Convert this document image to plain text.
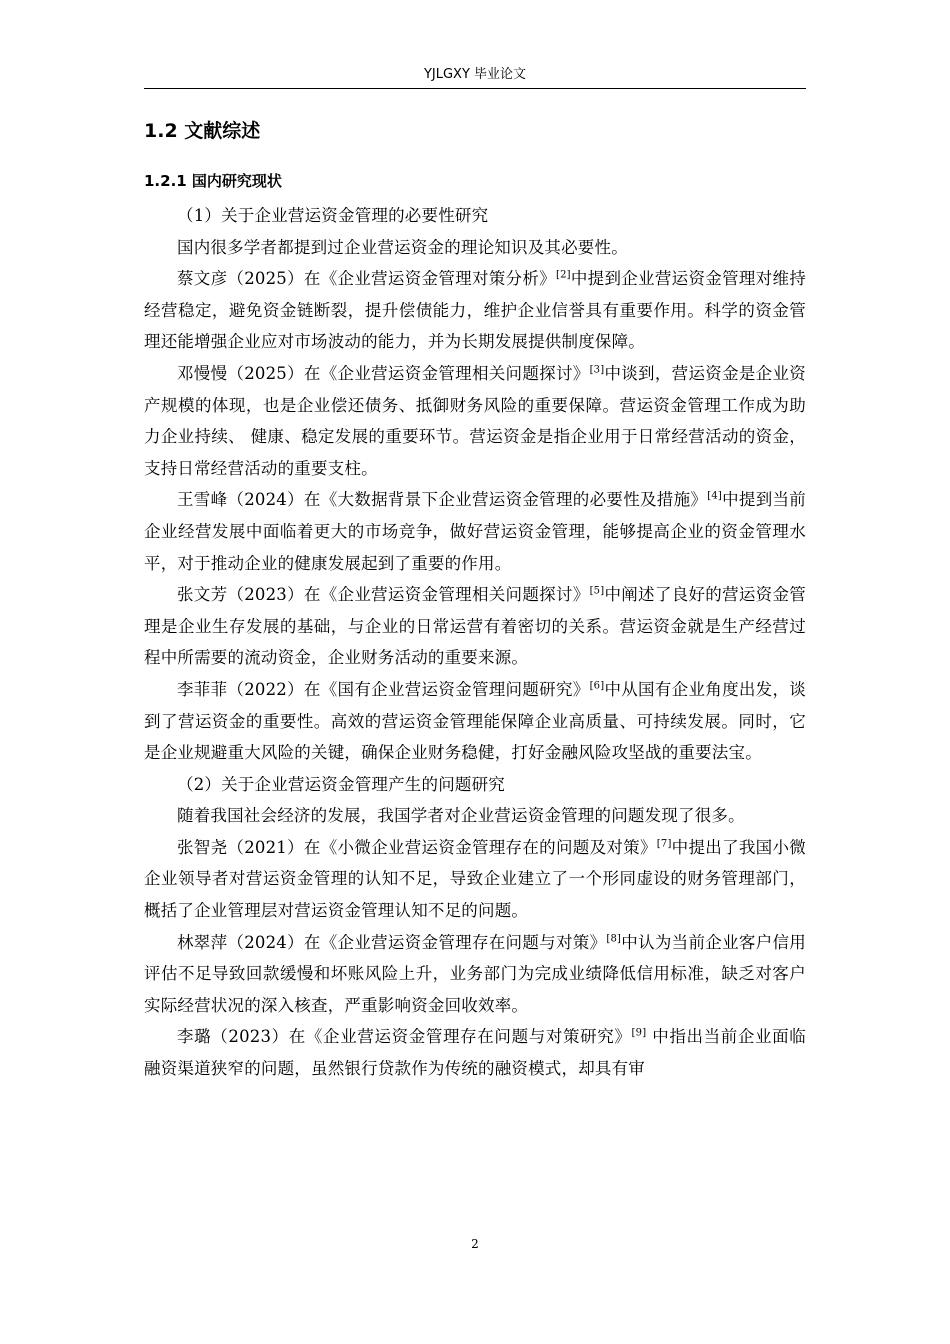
YJLGXY 毕业论文
1.2 文献综述
1.2.1 国内研究现状

（1）关于企业营运资金管理的必要性研究

国内很多学者都提到过企业营运资金的理论知识及其必要性。

蔡文彦（2025）在《企业营运资金管理对策分析》[2]中提到企业营运资金管理对维持经营稳定，避免资金链断裂，提升偿债能力，维护企业信誉具有重要作用。科学的资金管理还能增强企业应对市场波动的能力，并为长期发展提供制度保障。

邓慢慢（2025）在《企业营运资金管理相关问题探讨》[3]中谈到，营运资金是企业资产规模的体现，也是企业偿还债务、抵御财务风险的重要保障。营运资金管理工作成为助力企业持续、 健康、稳定发展的重要环节。营运资金是指企业用于日常经营活动的资金，支持日常经营活动的重要支柱。

王雪峰（2024）在《大数据背景下企业营运资金管理的必要性及措施》[4]中提到当前企业经营发展中面临着更大的市场竞争，做好营运资金管理，能够提高企业的资金管理水平，对于推动企业的健康发展起到了重要的作用。

张文芳（2023）在《企业营运资金管理相关问题探讨》[5]中阐述了良好的营运资金管理是企业生存发展的基础，与企业的日常运营有着密切的关系。营运资金就是生产经营过程中所需要的流动资金，企业财务活动的重要来源。

李菲菲（2022）在《国有企业营运资金管理问题研究》[6]中从国有企业角度出发，谈到了营运资金的重要性。高效的营运资金管理能保障企业高质量、可持续发展。同时，它是企业规避重大风险的关键，确保企业财务稳健，打好金融风险攻坚战的重要法宝。

（2）关于企业营运资金管理产生的问题研究

随着我国社会经济的发展，我国学者对企业营运资金管理的问题发现了很多。

张智尧（2021）在《小微企业营运资金管理存在的问题及对策》[7]中提出了我国小微企业领导者对营运资金管理的认知不足，导致企业建立了一个形同虚设的财务管理部门，概括了企业管理层对营运资金管理认知不足的问题。

林翠萍（2024）在《企业营运资金管理存在问题与对策》[8]中认为当前企业客户信用评估不足导致回款缓慢和坏账风险上升，业务部门为完成业绩降低信用标准，缺乏对客户实际经营状况的深入核查，严重影响资金回收效率。

李璐（2023）在《企业营运资金管理存在问题与对策研究》[9] 中指出当前企业面临融资渠道狭窄的问题，虽然银行贷款作为传统的融资模式，却具有审

2
